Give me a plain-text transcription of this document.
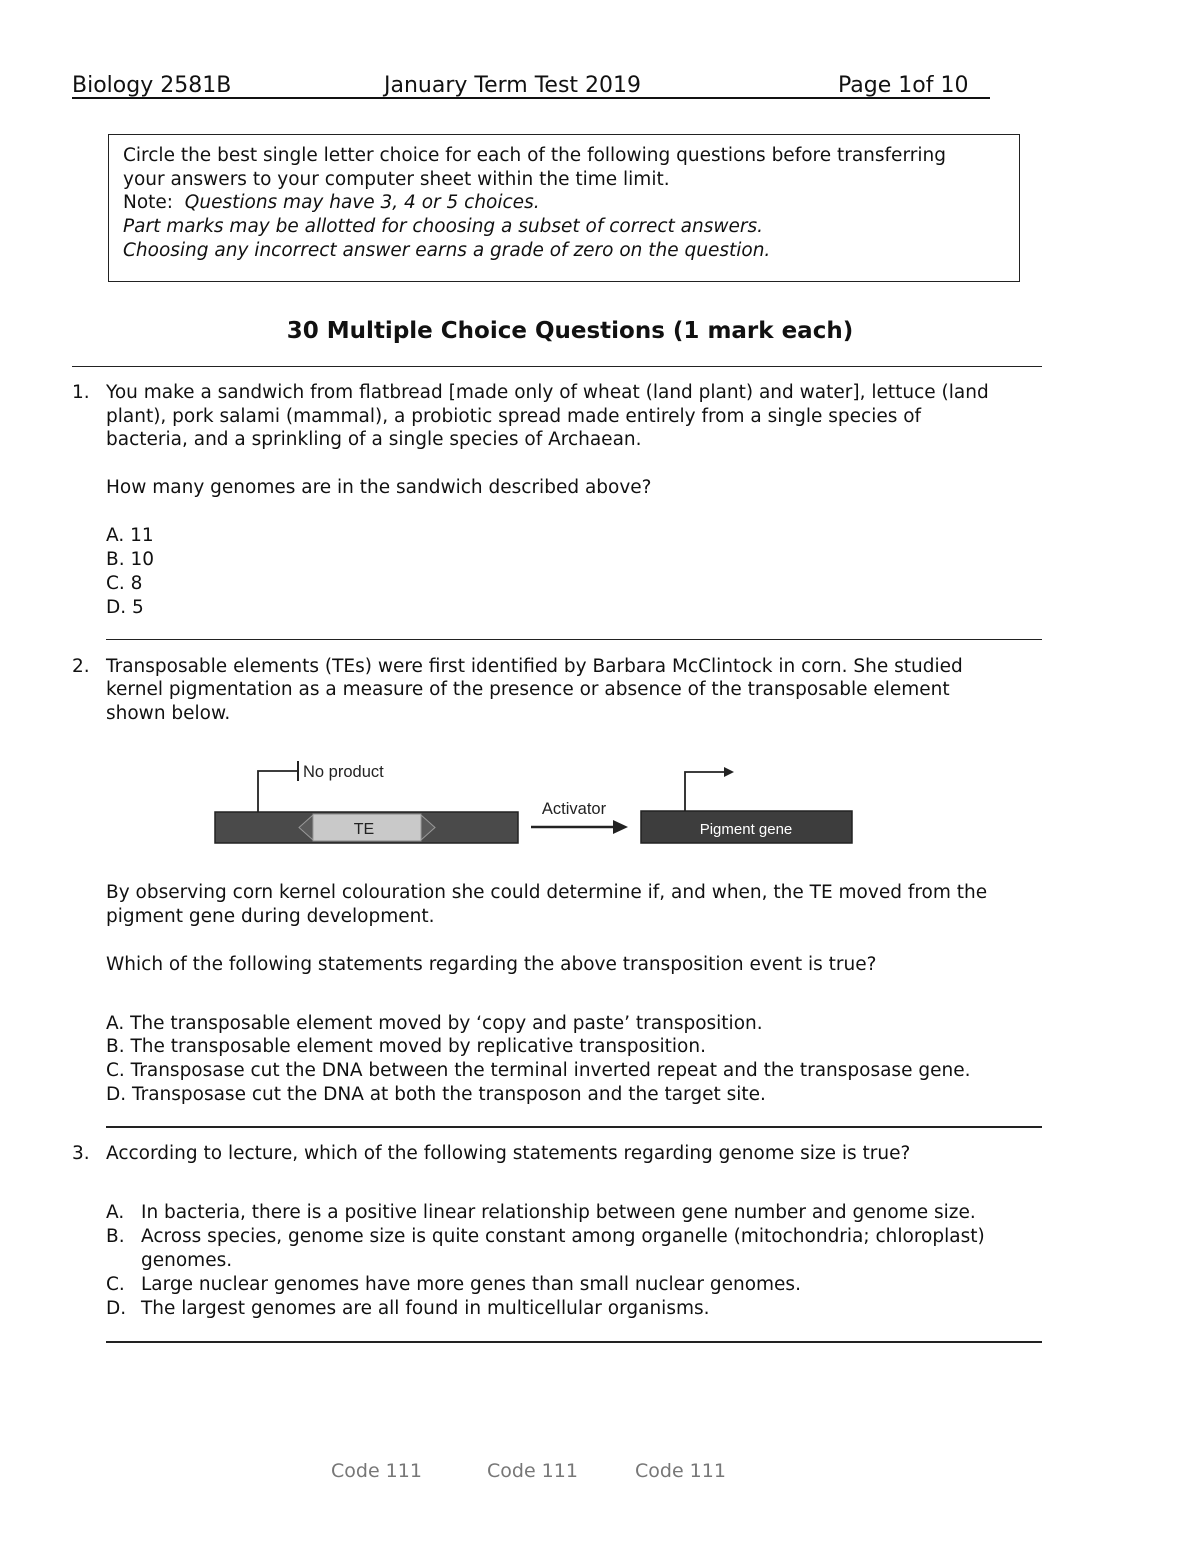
Biology 2581B	January Term Test 2019	Page 1of 10
Circle the best single letter choice for each of the following questions before transferring
your answers to your computer sheet within the time limit.
Note: Questions may have 3, 4 or 5 choices.
Part marks may be allotted for choosing a subset of correct answers.
Choosing any incorrect answer earns a grade of zero on the question.
30 Multiple Choice Questions (1 mark each)
1. You make a sandwich from flatbread [made only of wheat (land plant) and water], lettuce (land
plant), pork salami (mammal), a probiotic spread made entirely from a single species of
bacteria, and a sprinkling of a single species of Archaean.
How many genomes are in the sandwich described above?
A. 11
B. 10
C. 8
D. 5
2. Transposable elements (TEs) were first identified by Barbara McClintock in corn. She studied
kernel pigmentation as a measure of the presence or absence of the transposable element
shown below.
TE
No product
Activator
Pigment gene
By observing corn kernel colouration she could determine if, and when, the TE moved from the
pigment gene during development.
Which of the following statements regarding the above transposition event is true?
A. The transposable element moved by ‘copy and paste’ transposition.
B. The transposable element moved by replicative transposition.
C. Transposase cut the DNA between the terminal inverted repeat and the transposase gene.
D. Transposase cut the DNA at both the transposon and the target site.
3. According to lecture, which of the following statements regarding genome size is true?
A. In bacteria, there is a positive linear relationship between gene number and genome size.
B. Across species, genome size is quite constant among organelle (mitochondria; chloroplast)
genomes.
C. Large nuclear genomes have more genes than small nuclear genomes.
D. The largest genomes are all found in multicellular organisms.
Code 111	Code 111	Code 111
